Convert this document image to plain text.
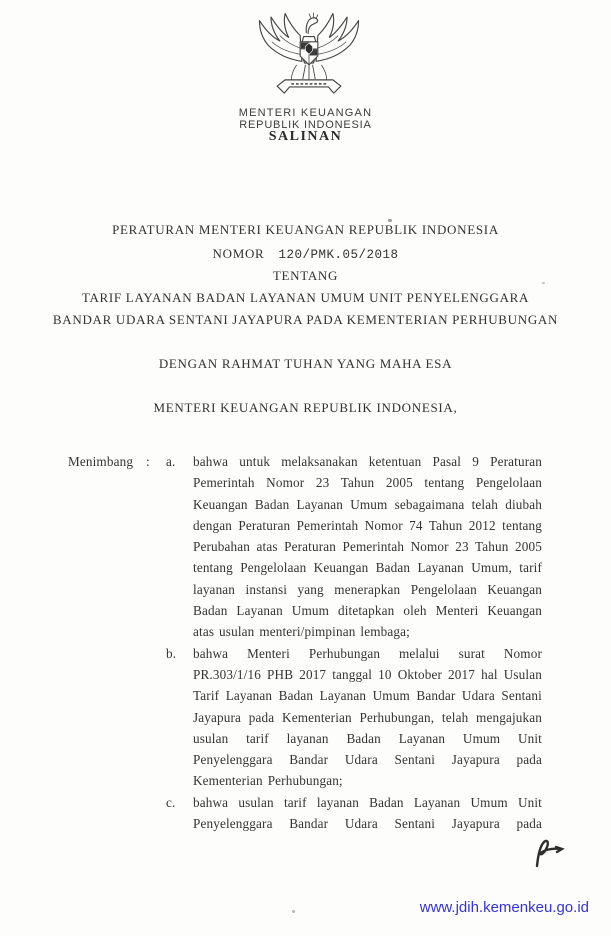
MENTERI KEUANGAN
REPUBLIK INDONESIA
SALINAN
PERATURAN MENTERI KEUANGAN REPUBLIK INDONESIA
NOMOR 120/PMK.05/2018
TENTANG
TARIF LAYANAN BADAN LAYANAN UMUM UNIT PENYELENGGARA
BANDAR UDARA SENTANI JAYAPURA PADA KEMENTERIAN PERHUBUNGAN
DENGAN RAHMAT TUHAN YANG MAHA ESA
MENTERI KEUANGAN REPUBLIK INDONESIA,
Menimbang :	a.	bahwa untuk melaksanakan ketentuan Pasal 9 Peraturan Pemerintah Nomor 23 Tahun 2005 tentang Pengelolaan Keuangan Badan Layanan Umum sebagaimana telah diubah dengan Peraturan Pemerintah Nomor 74 Tahun 2012 tentang Perubahan atas Peraturan Pemerintah Nomor 23 Tahun 2005 tentang Pengelolaan Keuangan Badan Layanan Umum, tarif layanan instansi yang menerapkan Pengelolaan Keuangan Badan Layanan Umum ditetapkan oleh Menteri Keuangan atas usulan menteri/pimpinan lembaga;
b.	bahwa Menteri Perhubungan melalui surat Nomor PR.303/1/16 PHB 2017 tanggal 10 Oktober 2017 hal Usulan Tarif Layanan Badan Layanan Umum Bandar Udara Sentani Jayapura pada Kementerian Perhubungan, telah mengajukan usulan tarif layanan Badan Layanan Umum Unit Penyelenggara Bandar Udara Sentani Jayapura pada Kementerian Perhubungan;
c.	bahwa usulan tarif layanan Badan Layanan Umum Unit Penyelenggara Bandar Udara Sentani Jayapura pada
www.jdih.kemenkeu.go.id
